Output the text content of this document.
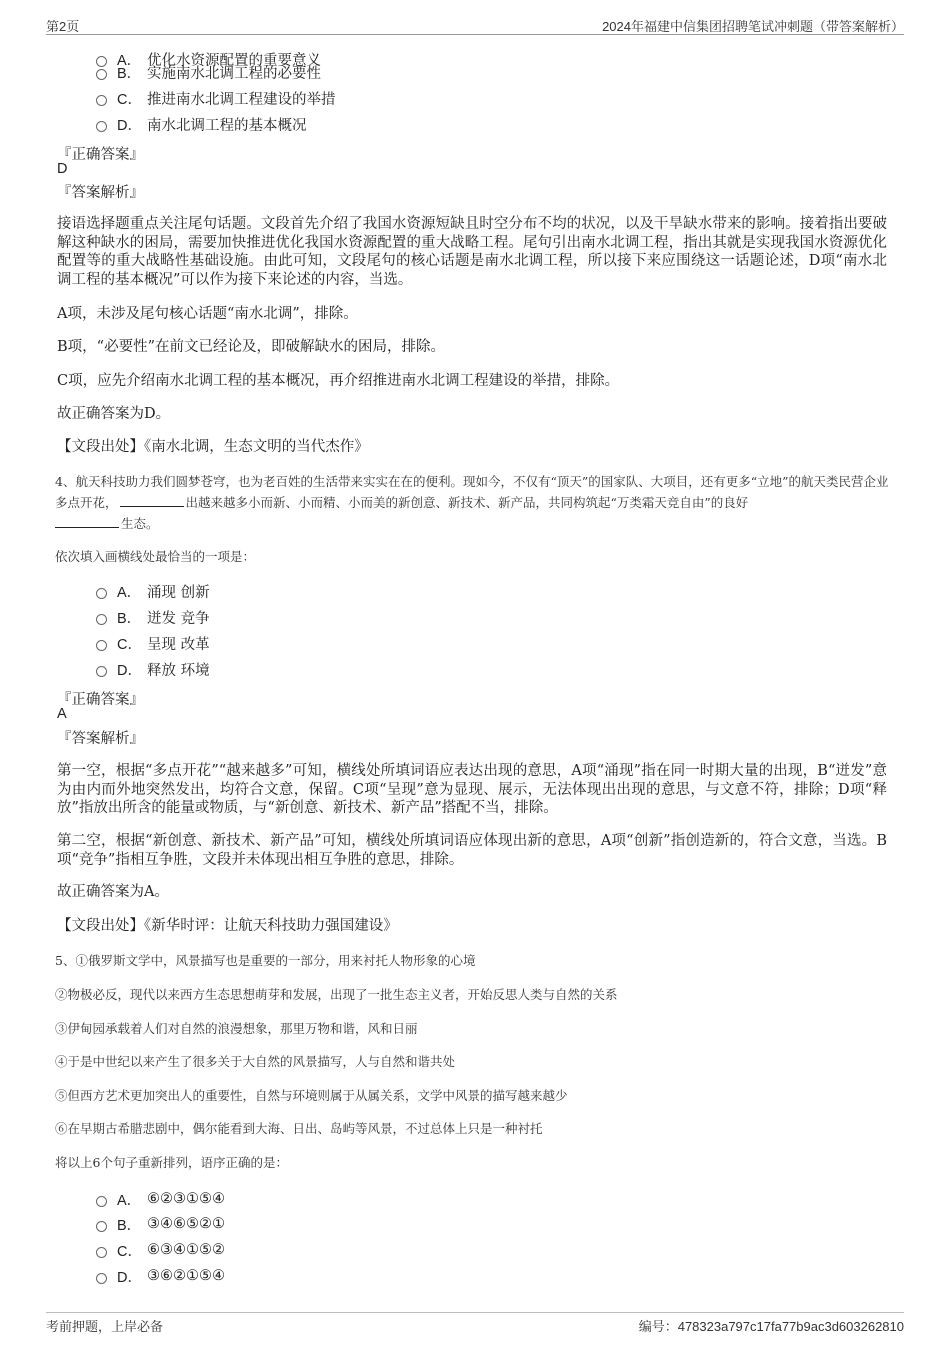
第2页	2024年福建中信集团招聘笔试冲刺题（带答案解析）
A． 优化水资源配置的重要意义
B． 实施南水北调工程的必要性
C． 推进南水北调工程建设的举措
D． 南水北调工程的基本概况
『正确答案』
D
『答案解析』
接语选择题重点关注尾句话题。文段首先介绍了我国水资源短缺且时空分布不均的状况，以及干旱缺水带来的影响。接着指出要破解这种缺水的困局，需要加快推进优化我国水资源配置的重大战略工程。尾句引出南水北调工程，指出其就是实现我国水资源优化配置等的重大战略性基础设施。由此可知，文段尾句的核心话题是南水北调工程，所以接下来应围绕这一话题论述，D项“南水北调工程的基本概况”可以作为接下来论述的内容，当选。
A项，未涉及尾句核心话题“南水北调”，排除。
B项，“必要性”在前文已经论及，即破解缺水的困局，排除。
C项，应先介绍南水北调工程的基本概况，再介绍推进南水北调工程建设的举措，排除。
故正确答案为D。
【文段出处】《南水北调，生态文明的当代杰作》
4、航天科技助力我们圆梦苍穹，也为老百姓的生活带来实实在在的便利。现如今，不仅有“顶天”的国家队、大项目，还有更多“立地”的航天类民营企业多点开花，	出越来越多小而新、小而精、小而美的新创意、新技术、新产品，共同构筑起“万类霜天竞自由”的良好
生态。
依次填入画横线处最恰当的一项是：
A． 涌现 创新
B． 迸发 竞争
C． 呈现 改革
D． 释放 环境
『正确答案』
A
『答案解析』
第一空，根据“多点开花”“越来越多”可知，横线处所填词语应表达出现的意思，A项“涌现”指在同一时期大量的出现，B“迸发”意为由内而外地突然发出，均符合文意，保留。C项“呈现”意为显现、展示，无法体现出出现的意思，与文意不符，排除；D项“释放”指放出所含的能量或物质，与“新创意、新技术、新产品”搭配不当，排除。
第二空，根据“新创意、新技术、新产品”可知，横线处所填词语应体现出新的意思，A项“创新”指创造新的，符合文意，当选。B项“竞争”指相互争胜，文段并未体现出相互争胜的意思，排除。
故正确答案为A。
【文段出处】《新华时评：让航天科技助力强国建设》
5、①俄罗斯文学中，风景描写也是重要的一部分，用来衬托人物形象的心境
②物极必反，现代以来西方生态思想萌芽和发展，出现了一批生态主义者，开始反思人类与自然的关系
③伊甸园承载着人们对自然的浪漫想象，那里万物和谐，风和日丽
④于是中世纪以来产生了很多关于大自然的风景描写，人与自然和谐共处
⑤但西方艺术更加突出人的重要性，自然与环境则属于从属关系，文学中风景的描写越来越少
⑥在早期古希腊悲剧中，偶尔能看到大海、日出、岛屿等风景，不过总体上只是一种衬托
将以上6个句子重新排列，语序正确的是：
A． ⑥②③①⑤④
B． ③④⑥⑤②①
C． ⑥③④①⑤②
D． ③⑥②①⑤④
考前押题，上岸必备	编号：478323a797c17fa77b9ac3d603262810
